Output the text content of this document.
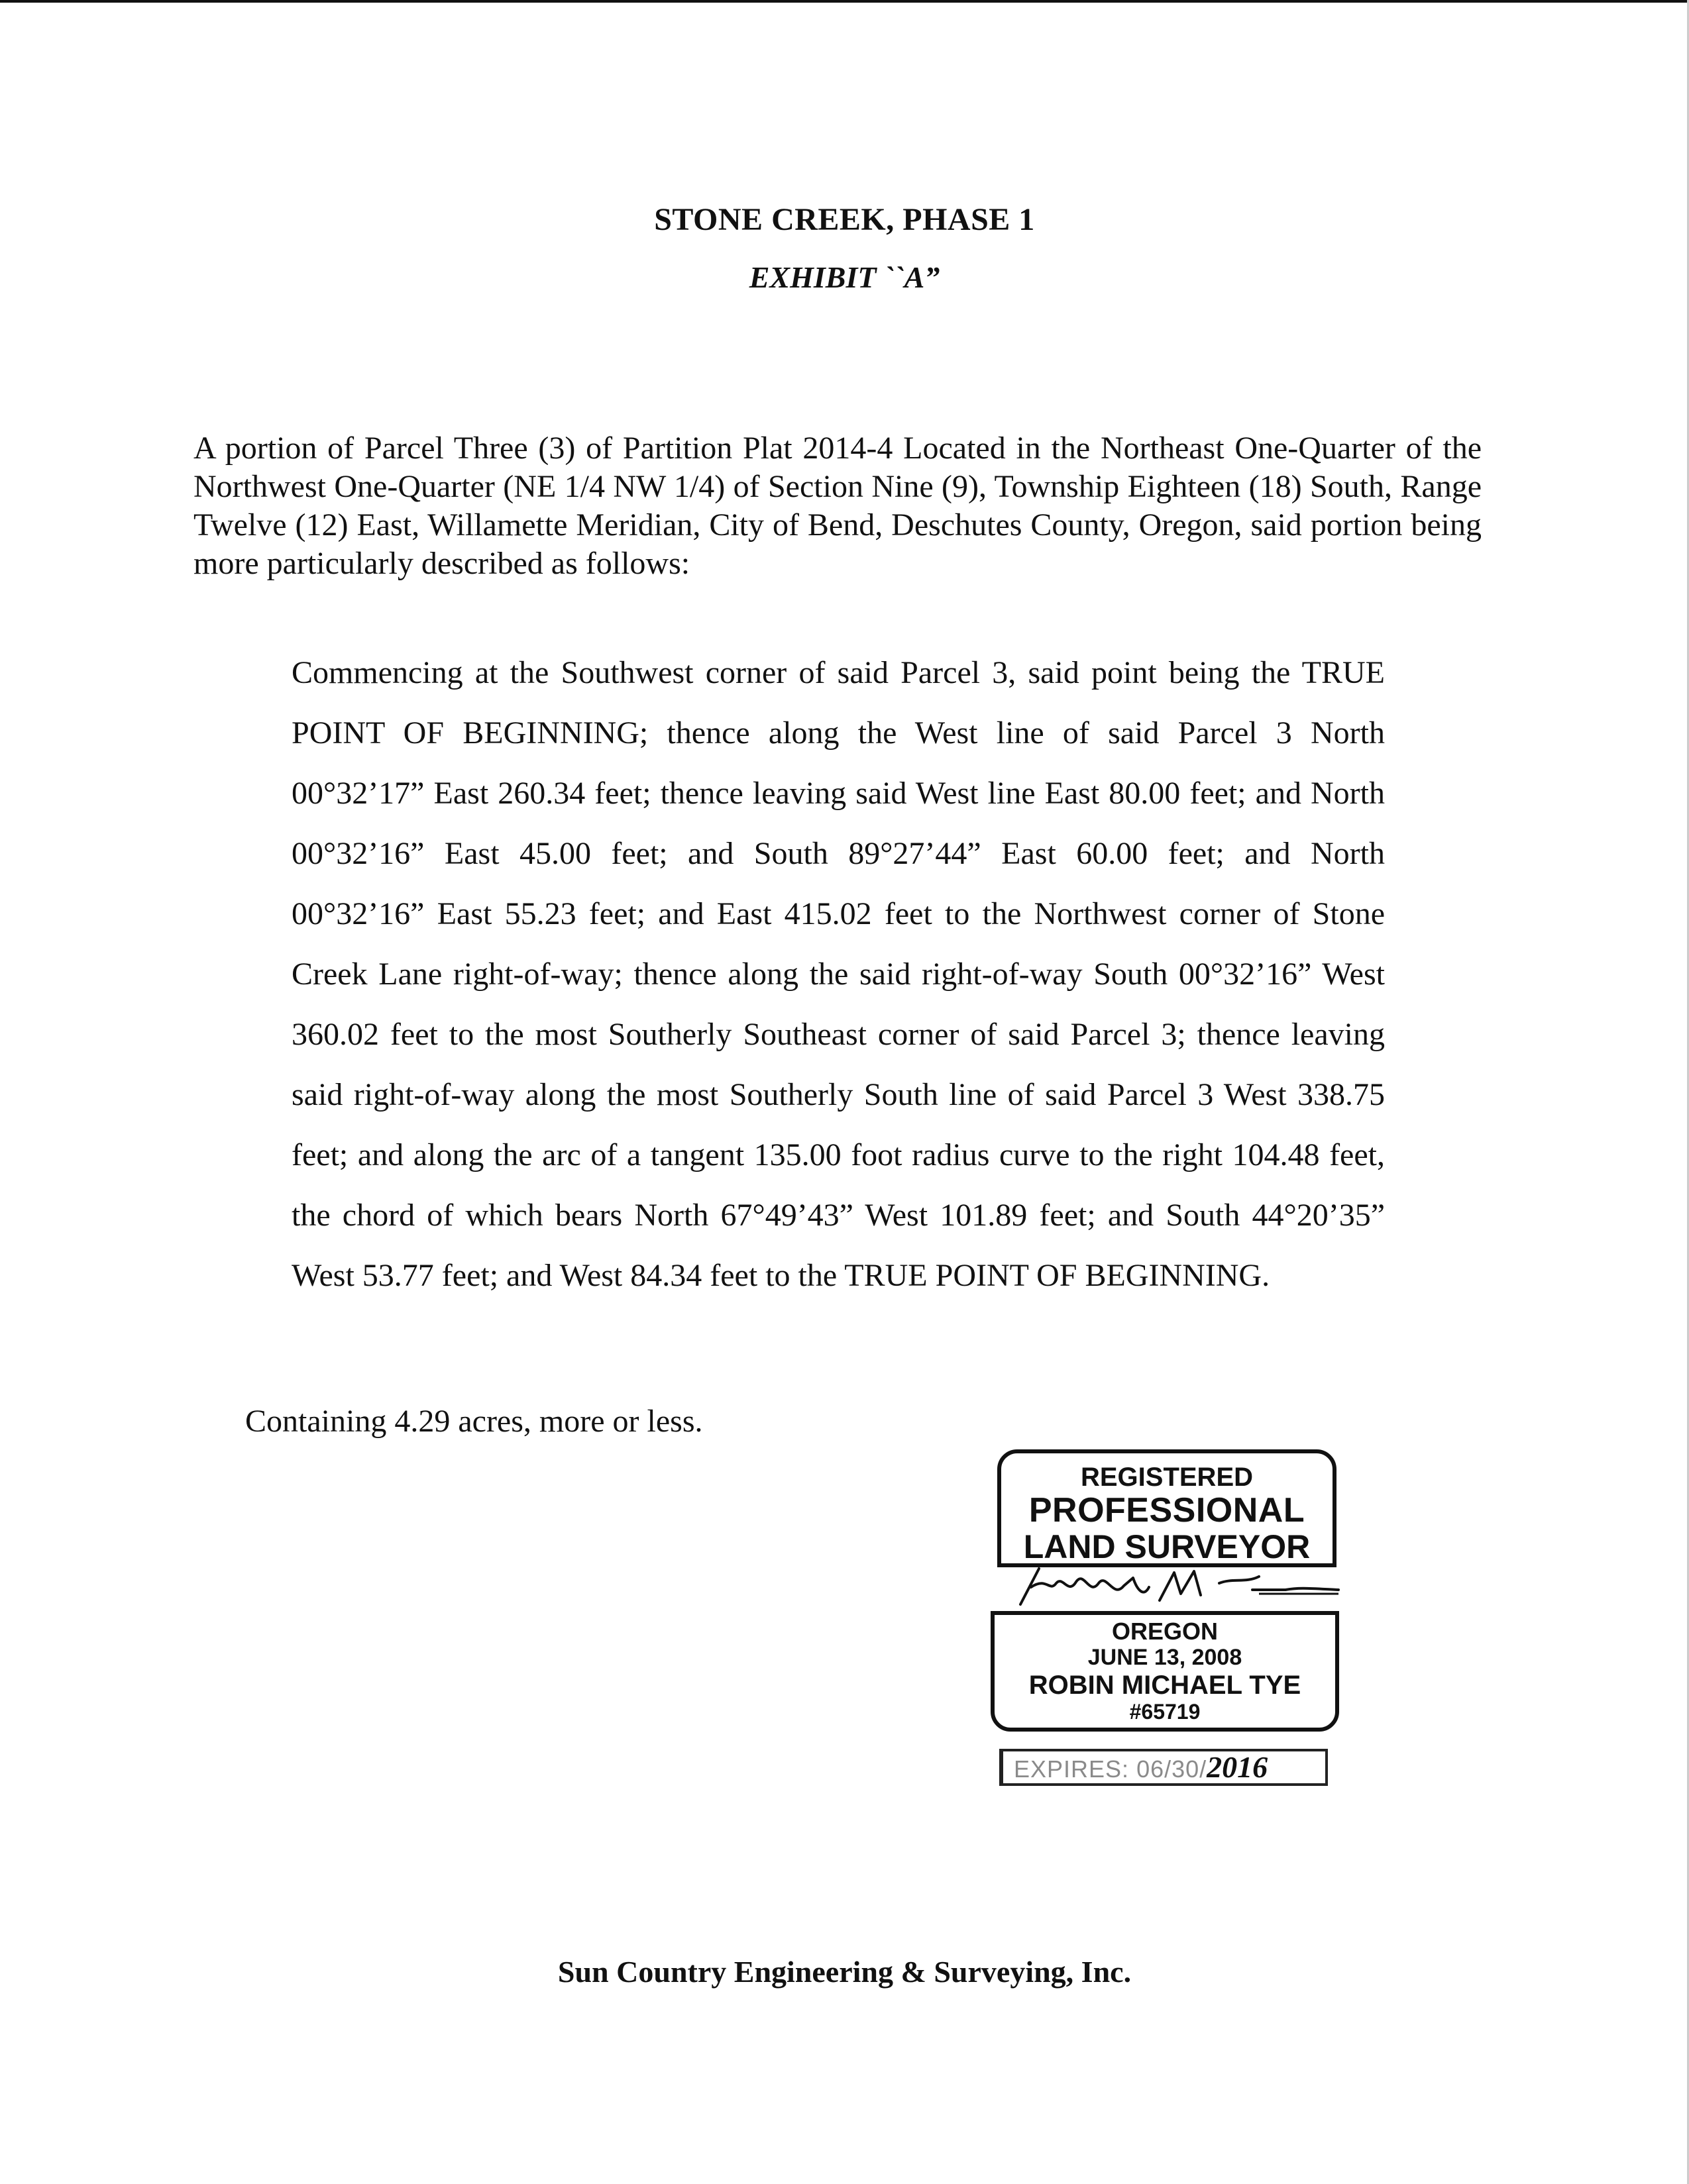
STONE CREEK, PHASE 1
EXHIBIT ``A”
A portion of Parcel Three (3) of Partition Plat 2014-4 Located in the Northeast One-Quarter of the Northwest One-Quarter (NE 1/4 NW 1/4) of Section Nine (9), Township Eighteen (18) South, Range Twelve (12) East, Willamette Meridian, City of Bend, Deschutes County, Oregon, said portion being more particularly described as follows:
Commencing at the Southwest corner of said Parcel 3, said point being the TRUE POINT OF BEGINNING; thence along the West line of said Parcel 3 North 00°32’17” East 260.34 feet; thence leaving said West line East 80.00 feet; and North 00°32’16” East 45.00 feet; and South 89°27’44” East 60.00 feet; and North 00°32’16” East 55.23 feet; and East 415.02 feet to the Northwest corner of Stone Creek Lane right-of-way; thence along the said right-of-way South 00°32’16” West 360.02 feet to the most Southerly Southeast corner of said Parcel 3; thence leaving said right-of-way along the most Southerly South line of said Parcel 3 West 338.75 feet; and along the arc of a tangent 135.00 foot radius curve to the right 104.48 feet, the chord of which bears North 67°49’43” West 101.89 feet; and South 44°20’35” West 53.77 feet; and West 84.34 feet to the TRUE POINT OF BEGINNING.
Containing 4.29 acres, more or less.
REGISTERED
PROFESSIONAL
LAND SURVEYOR
OREGON
JUNE 13, 2008
ROBIN MICHAEL TYE
#65719
EXPIRES: 06/30/2016
Sun Country Engineering & Surveying, Inc.
